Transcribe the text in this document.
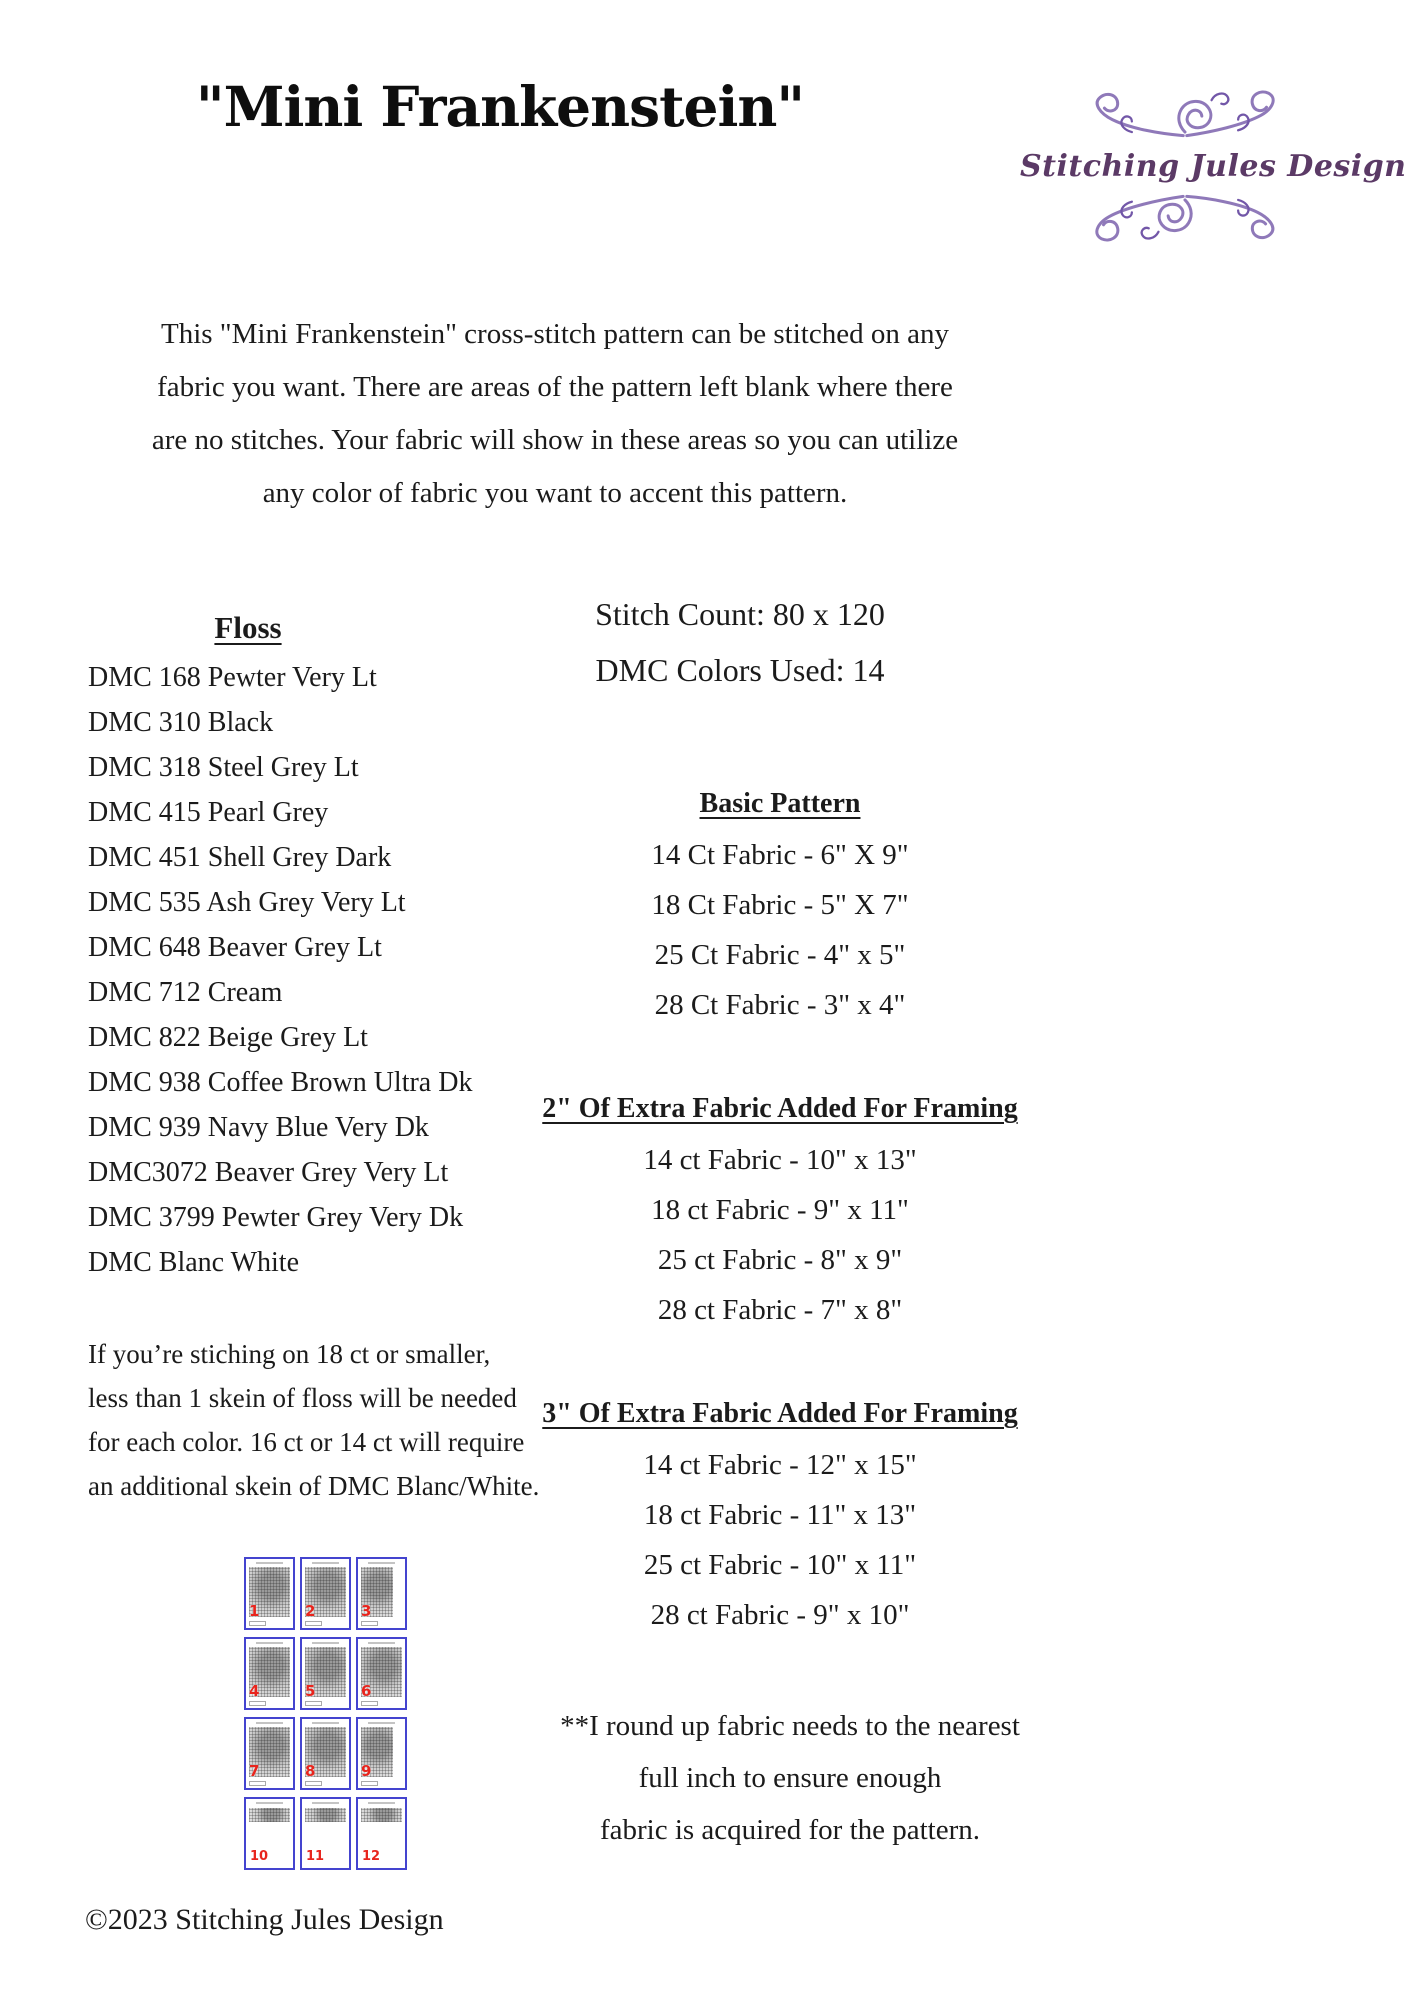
"Mini Frankenstein"
Stitching Jules Design
This "Mini Frankenstein" cross-stitch pattern can be stitched on any
fabric you want. There are areas of the pattern left blank where there
are no stitches. Your fabric will show in these areas so you can utilize
any color of fabric you want to accent this pattern.
Stitch Count: 80 x 120
DMC Colors Used: 14
Floss
DMC 168 Pewter Very Lt
DMC 310 Black
DMC 318 Steel Grey Lt
DMC 415 Pearl Grey
DMC 451 Shell Grey Dark
DMC 535 Ash Grey Very Lt
DMC 648 Beaver Grey Lt
DMC 712 Cream
DMC 822 Beige Grey Lt
DMC 938 Coffee Brown Ultra Dk
DMC 939 Navy Blue Very Dk
DMC3072 Beaver Grey Very Lt
DMC 3799 Pewter Grey Very Dk
DMC Blanc White
If you’re stiching on 18 ct or smaller,
less than 1 skein of floss will be needed
for each color. 16 ct or 14 ct will require
an additional skein of DMC Blanc/White.
Basic Pattern
14 Ct Fabric - 6" X 9"
18 Ct Fabric - 5" X 7"
25 Ct Fabric - 4" x 5"
28 Ct Fabric - 3" x 4"
2" Of Extra Fabric Added For Framing
14 ct Fabric - 10" x 13"
18 ct Fabric - 9" x 11"
25 ct Fabric - 8" x 9"
28 ct Fabric - 7" x 8"
3" Of Extra Fabric Added For Framing
14 ct Fabric - 12" x 15"
18 ct Fabric - 11" x 13"
25 ct Fabric - 10" x 11"
28 ct Fabric - 9" x 10"
**I round up fabric needs to the nearest
full inch to ensure enough
fabric is acquired for the pattern.
1	2	3
4	5	6
7	8	9
10	11	12
©2023 Stitching Jules Design
